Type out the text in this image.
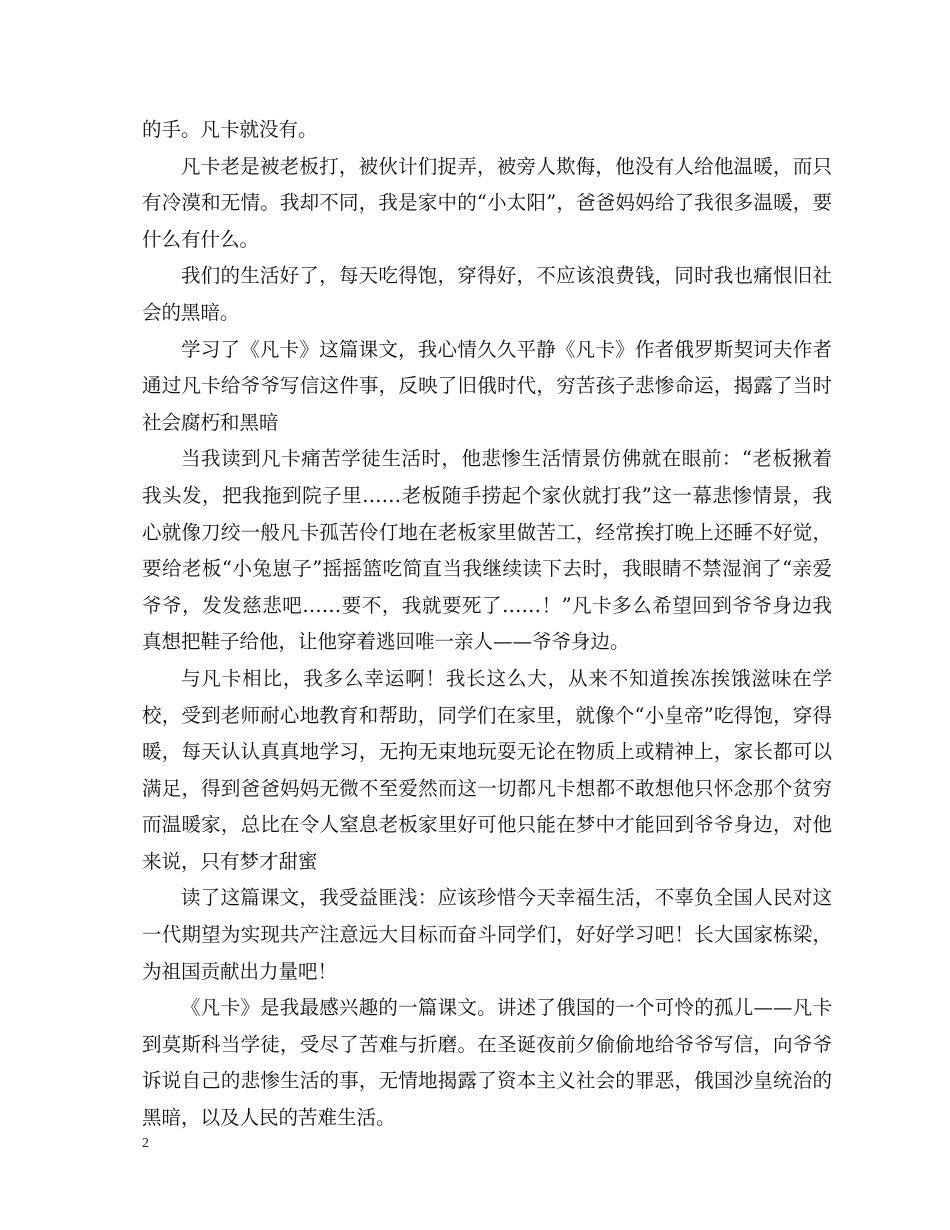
的手。凡卡就没有。

凡卡老是被老板打，被伙计们捉弄，被旁人欺侮，他没有人给他温暖，而只有冷漠和无情。我却不同，我是家中的“小太阳”，爸爸妈妈给了我很多温暖，要什么有什么。

我们的生活好了，每天吃得饱，穿得好，不应该浪费钱，同时我也痛恨旧社会的黑暗。

学习了《凡卡》这篇课文，我心情久久平静《凡卡》作者俄罗斯契诃夫作者通过凡卡给爷爷写信这件事，反映了旧俄时代，穷苦孩子悲惨命运，揭露了当时社会腐朽和黑暗

当我读到凡卡痛苦学徒生活时，他悲惨生活情景仿佛就在眼前：“老板揪着我头发，把我拖到院子里……老板随手捞起个家伙就打我”这一幕悲惨情景，我心就像刀绞一般凡卡孤苦伶仃地在老板家里做苦工，经常挨打晚上还睡不好觉，要给老板“小兔崽子”摇摇篮吃简直当我继续读下去时，我眼睛不禁湿润了“亲爱爷爷，发发慈悲吧……要不，我就要死了……！”凡卡多么希望回到爷爷身边我真想把鞋子给他，让他穿着逃回唯一亲人——爷爷身边。

与凡卡相比，我多么幸运啊！我长这么大，从来不知道挨冻挨饿滋味在学校，受到老师耐心地教育和帮助，同学们在家里，就像个“小皇帝”吃得饱，穿得暖，每天认认真真地学习，无拘无束地玩耍无论在物质上或精神上，家长都可以满足，得到爸爸妈妈无微不至爱然而这一切都凡卡想都不敢想他只怀念那个贫穷而温暖家，总比在令人窒息老板家里好可他只能在梦中才能回到爷爷身边，对他来说，只有梦才甜蜜

读了这篇课文，我受益匪浅：应该珍惜今天幸福生活，不辜负全国人民对这一代期望为实现共产注意远大目标而奋斗同学们，好好学习吧！长大国家栋梁，为祖国贡献出力量吧！

《凡卡》是我最感兴趣的一篇课文。讲述了俄国的一个可怜的孤儿——凡卡到莫斯科当学徒，受尽了苦难与折磨。在圣诞夜前夕偷偷地给爷爷写信，向爷爷诉说自己的悲惨生活的事，无情地揭露了资本主义社会的罪恶，俄国沙皇统治的黑暗，以及人民的苦难生活。

2
